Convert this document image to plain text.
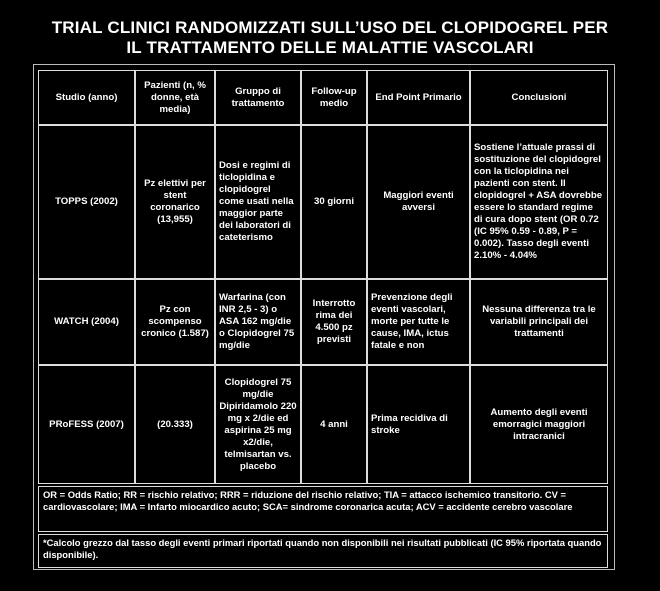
TRIAL CLINICI RANDOMIZZATI SULL’USO DEL CLOPIDOGREL PER
IL TRATTAMENTO DELLE MALATTIE VASCOLARI
Studio (anno)	Pazienti (n, % donne, età media)	Gruppo di trattamento	Follow-up medio	End Point Primario	Conclusioni
TOPPS (2002)	Pz elettivi per stent coronarico (13,955)	Dosi e regimi di ticlopidina e clopidogrel come usati nella maggior parte dei laboratori di cateterismo	30 giorni	Maggiori eventi avversi	Sostiene l’attuale prassi di sostituzione del clopidogrel con la ticlopidina nei pazienti con stent. Il clopidogrel + ASA dovrebbe essere lo standard regime di cura dopo stent (OR 0.72 (IC 95% 0.59 - 0.89, P = 0.002). Tasso degli eventi 2.10% - 4.04%
WATCH (2004)	Pz con scompenso cronico (1.587)	Warfarina (con INR 2,5 - 3) o ASA 162 mg/die o Clopidogrel 75 mg/die	Interrotto rima dei 4.500 pz previsti	Prevenzione degli eventi vascolari, morte per tutte le cause, IMA, ictus fatale e non	Nessuna differenza tra le variabili principali dei trattamenti
PRoFESS (2007)	(20.333)	Clopidogrel 75 mg/die Dipiridamolo 220 mg x 2/die ed aspirina 25 mg x2/die, telmisartan vs. placebo	4 anni	Prima recidiva di stroke	Aumento degli eventi emorragici maggiori intracranici
OR = Odds Ratio; RR = rischio relativo; RRR = riduzione del rischio relativo; TIA = attacco ischemico transitorio. CV = cardiovascolare; IMA = Infarto miocardico acuto; SCA= sindrome coronarica acuta; ACV = accidente cerebro vascolare
*Calcolo grezzo dal tasso degli eventi primari riportati quando non disponibili nei risultati pubblicati (IC 95% riportata quando disponibile).
